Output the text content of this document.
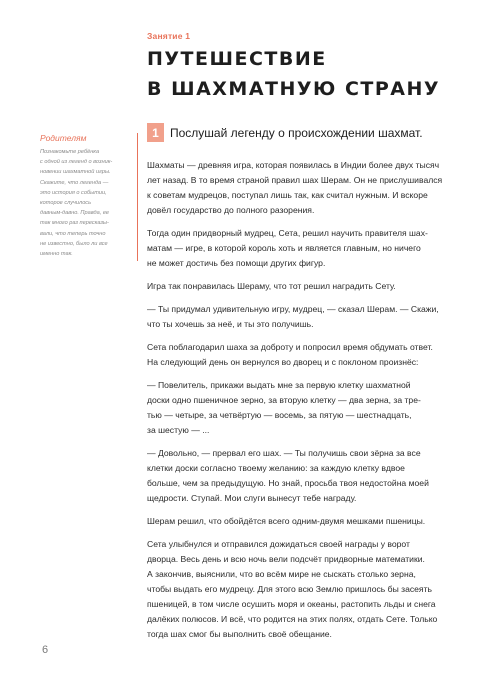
Занятие 1
ПУТЕШЕСТВИЕ
В ШАХМАТНУЮ СТРАНУ
Родителям
Познакомьте ребёнка
с одной из легенд о возник-
новении шахматной игры.
Скажите, что легенда —
это история о событии,
которое случилось
давным-давно. Правда, ее
так много раз пересказы-
вали, что теперь точно
не известно, было ли все
именно так.
1 Послушай легенду о происхождении шахмат.
Шахматы — древняя игра, которая появилась в Индии более двух тысяч
лет назад. В то время страной правил шах Шерам. Он не прислушивался
к советам мудрецов, поступал лишь так, как считал нужным. И вскоре
довёл государство до полного разорения.
Тогда один придворный мудрец, Сета, решил научить правителя шах-
матам — игре, в которой король хоть и является главным, но ничего
не может достичь без помощи других фигур.
Игра так понравилась Шераму, что тот решил наградить Сету.
— Ты придумал удивительную игру, мудрец, — сказал Шерам. — Скажи,
что ты хочешь за неё, и ты это получишь.
Сета поблагодарил шаха за доброту и попросил время обдумать ответ.
На следующий день он вернулся во дворец и с поклоном произнёс:
— Повелитель, прикажи выдать мне за первую клетку шахматной
доски одно пшеничное зерно, за вторую клетку — два зерна, за тре-
тью — четыре, за четвёртую — восемь, за пятую — шестнадцать,
за шестую — ...
— Довольно, — прервал его шах. — Ты получишь свои зёрна за все
клетки доски согласно твоему желанию: за каждую клетку вдвое
больше, чем за предыдущую. Но знай, просьба твоя недостойна моей
щедрости. Ступай. Мои слуги вынесут тебе награду.
Шерам решил, что обойдётся всего одним-двумя мешками пшеницы.
Сета улыбнулся и отправился дожидаться своей награды у ворот
дворца. Весь день и всю ночь вели подсчёт придворные математики.
А закончив, выяснили, что во всём мире не сыскать столько зерна,
чтобы выдать его мудрецу. Для этого всю Землю пришлось бы засеять
пшеницей, в том числе осушить моря и океаны, растопить льды и снега
далёких полюсов. И всё, что родится на этих полях, отдать Сете. Только
тогда шах смог бы выполнить своё обещание.
6
